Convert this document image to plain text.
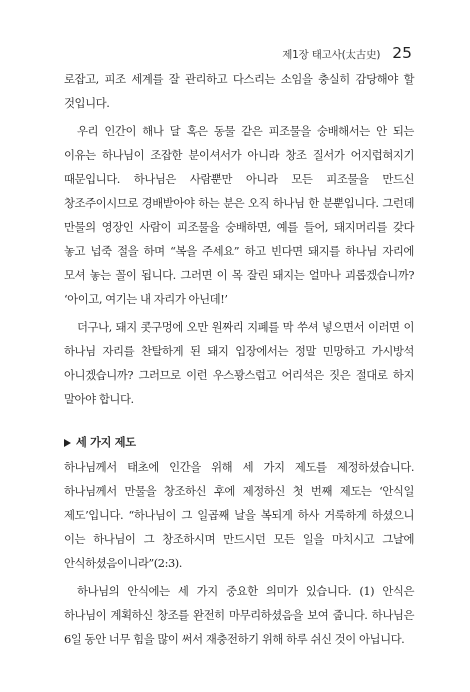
제1장 태고사(太古史) 25

로잡고, 피조 세계를 잘 관리하고 다스리는 소임을 충실히 감당해야 할 것입니다.

우리 인간이 해나 달 혹은 동물 같은 피조물을 숭배해서는 안 되는 이유는 하나님이 조잡한 분이셔서가 아니라 창조 질서가 어지럽혀지기 때문입니다. 하나님은 사람뿐만 아니라 모든 피조물을 만드신 창조주이시므로 경배받아야 하는 분은 오직 하나님 한 분뿐입니다. 그런데 만물의 영장인 사람이 피조물을 숭배하면, 예를 들어, 돼지머리를 갖다 놓고 넙죽 절을 하며 “복을 주세요” 하고 빈다면 돼지를 하나님 자리에 모셔 놓는 꼴이 됩니다. 그러면 이 목 잘린 돼지는 얼마나 괴롭겠습니까? ‘아이고, 여기는 내 자리가 아닌데!’

더구나, 돼지 콧구멍에 오만 원짜리 지폐를 막 쑤셔 넣으면서 이러면 이 하나님 자리를 찬탈하게 된 돼지 입장에서는 정말 민망하고 가시방석 아니겠습니까? 그러므로 이런 우스꽝스럽고 어리석은 짓은 절대로 하지 말아야 합니다.

세 가지 제도

하나님께서 태초에 인간을 위해 세 가지 제도를 제정하셨습니다. 하나님께서 만물을 창조하신 후에 제정하신 첫 번째 제도는 ‘안식일 제도’입니다. “하나님이 그 일곱째 날을 복되게 하사 거룩하게 하셨으니 이는 하나님이 그 창조하시며 만드시던 모든 일을 마치시고 그날에 안식하셨음이니라”(2:3).

하나님의 안식에는 세 가지 중요한 의미가 있습니다. (1) 안식은 하나님이 계획하신 창조를 완전히 마무리하셨음을 보여 줍니다. 하나님은 6일 동안 너무 힘을 많이 써서 재충전하기 위해 하루 쉬신 것이 아닙니다.
